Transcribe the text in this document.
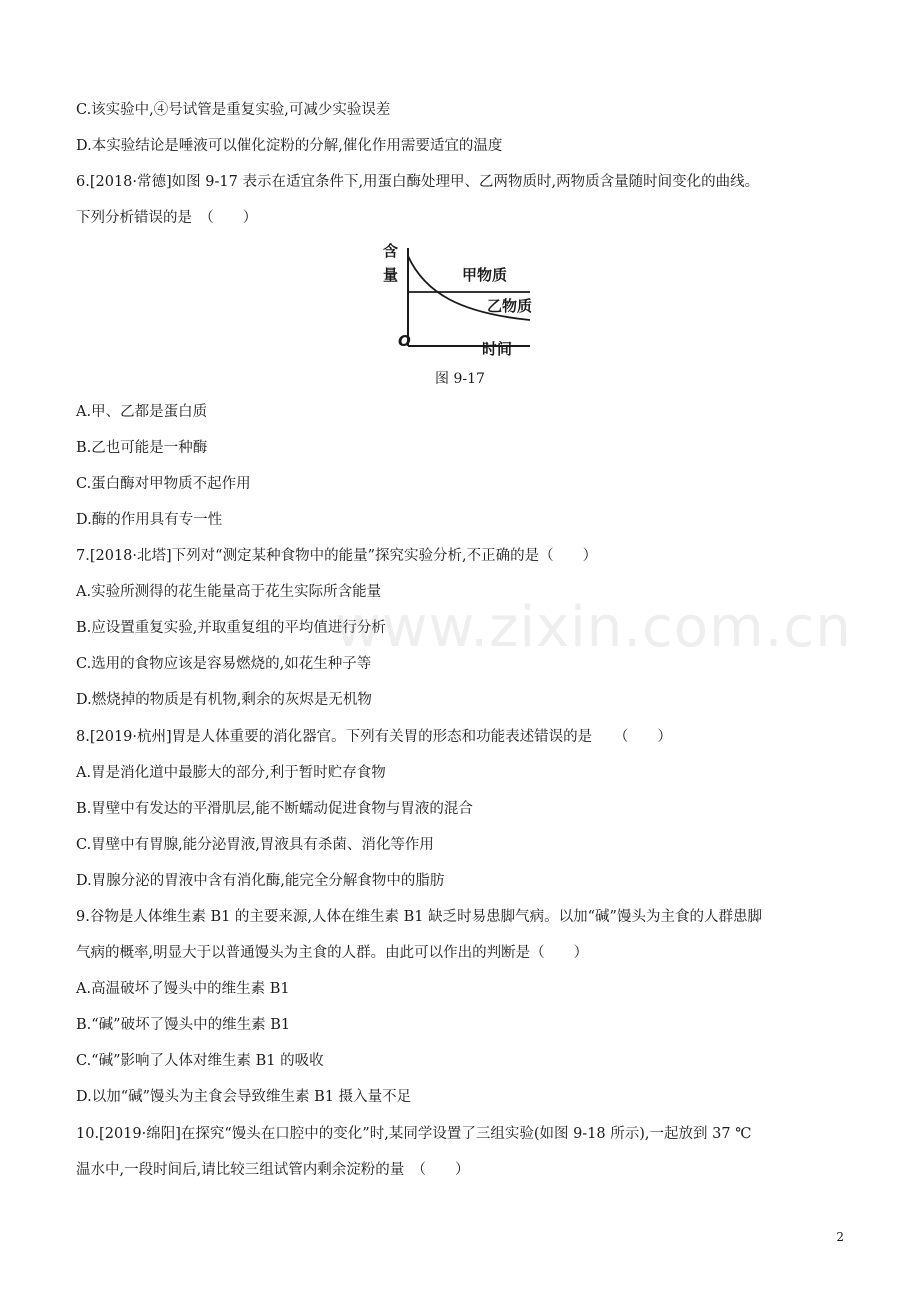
C.该实验中,④号试管是重复实验,可减少实验误差
D.本实验结论是唾液可以催化淀粉的分解,催化作用需要适宜的温度
6.[2018·常德]如图 9-17 表示在适宜条件下,用蛋白酶处理甲、乙两物质时,两物质含量随时间变化的曲线。
下列分析错误的是　（　　）
含
量
O	时间
甲物质
乙物质
图 9-17
A.甲、乙都是蛋白质
B.乙也可能是一种酶
C.蛋白酶对甲物质不起作用
D.酶的作用具有专一性
7.[2018·北塔]下列对“测定某种食物中的能量”探究实验分析,不正确的是（　　）
A.实验所测得的花生能量高于花生实际所含能量
B.应设置重复实验,并取重复组的平均值进行分析
C.选用的食物应该是容易燃烧的,如花生种子等
D.燃烧掉的物质是有机物,剩余的灰烬是无机物
8.[2019·杭州]胃是人体重要的消化器官。下列有关胃的形态和功能表述错误的是　　（　　）
A.胃是消化道中最膨大的部分,利于暂时贮存食物
B.胃壁中有发达的平滑肌层,能不断蠕动促进食物与胃液的混合
C.胃壁中有胃腺,能分泌胃液,胃液具有杀菌、消化等作用
D.胃腺分泌的胃液中含有消化酶,能完全分解食物中的脂肪
9.谷物是人体维生素 B1 的主要来源,人体在维生素 B1 缺乏时易患脚气病。以加“碱”馒头为主食的人群患脚
气病的概率,明显大于以普通馒头为主食的人群。由此可以作出的判断是（　　）
A.高温破坏了馒头中的维生素 B1
B.“碱”破坏了馒头中的维生素 B1
C.“碱”影响了人体对维生素 B1 的吸收
D.以加“碱”馒头为主食会导致维生素 B1 摄入量不足
10.[2019·绵阳]在探究“馒头在口腔中的变化”时,某同学设置了三组实验(如图 9-18 所示),一起放到 37 ℃
温水中,一段时间后,请比较三组试管内剩余淀粉的量　（　　）
www.zixin.com.cn
2
